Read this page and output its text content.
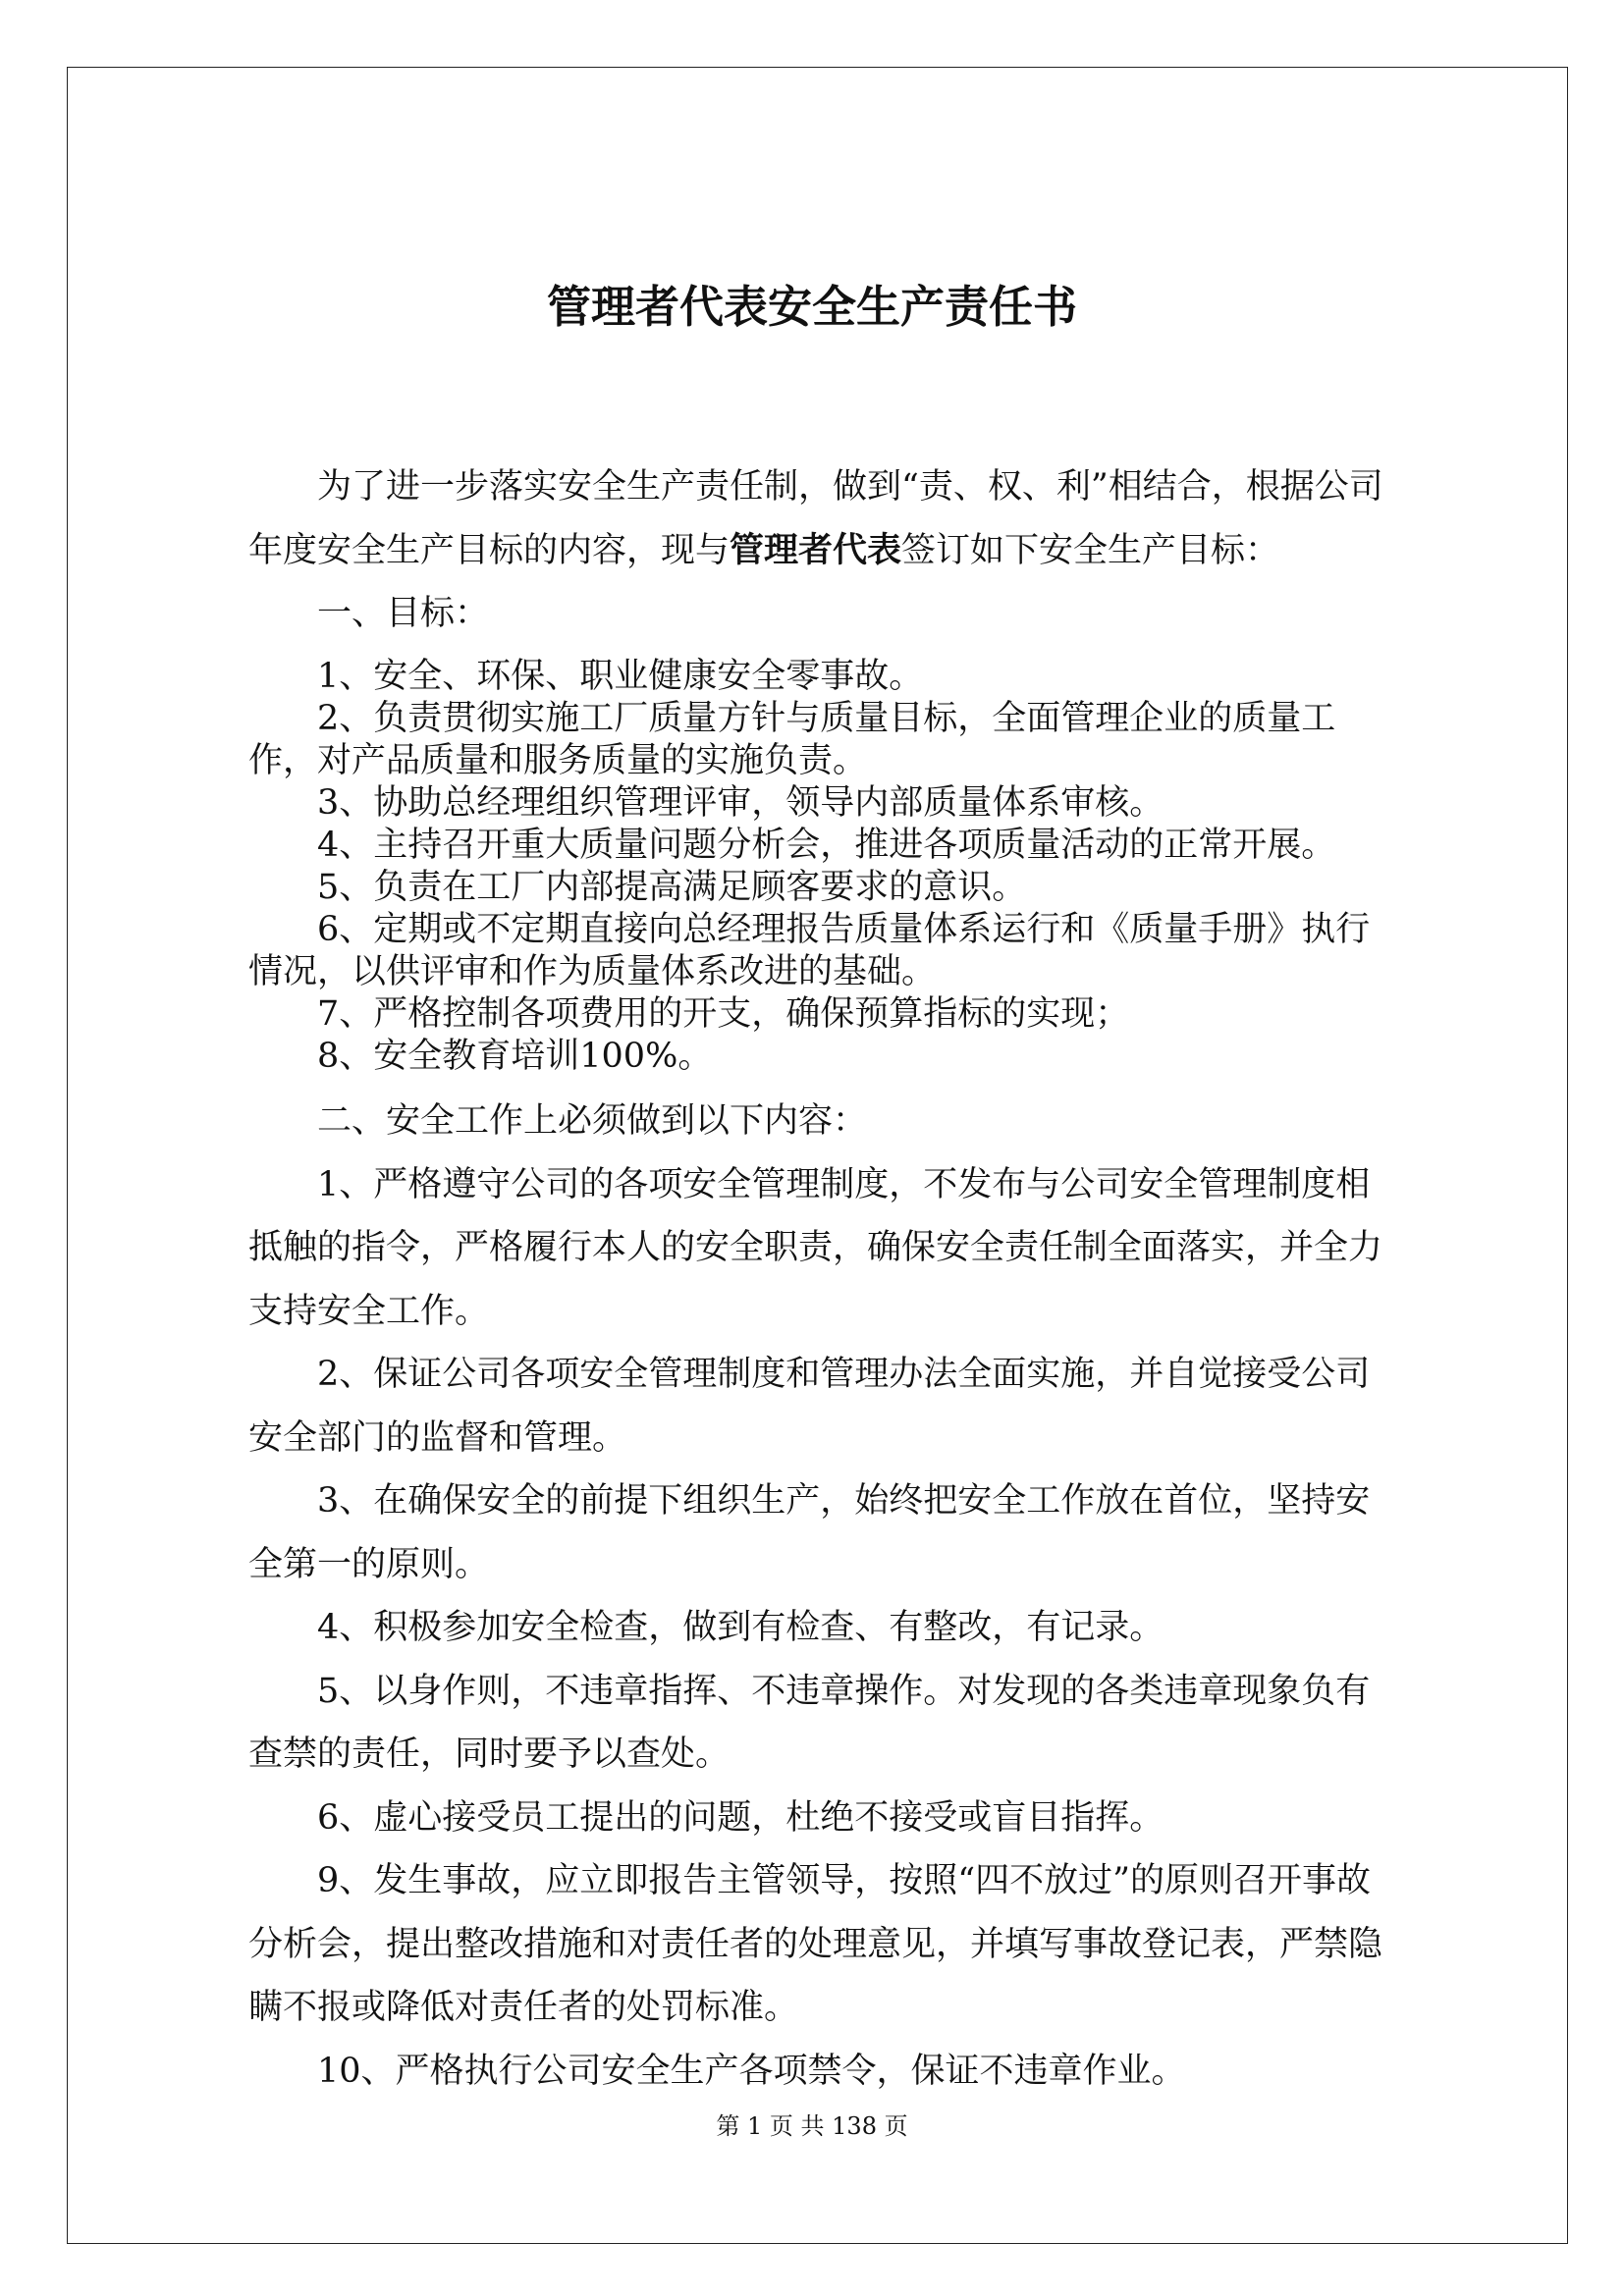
管理者代表安全生产责任书

为了进一步落实安全生产责任制，做到“责、权、利”相结合，根据公司年度安全生产目标的内容，现与管理者代表签订如下安全生产目标：

一、目标：

1、安全、环保、职业健康安全零事故。

2、负责贯彻实施工厂质量方针与质量目标，全面管理企业的质量工作，对产品质量和服务质量的实施负责。

3、协助总经理组织管理评审，领导内部质量体系审核。

4、主持召开重大质量问题分析会，推进各项质量活动的正常开展。

5、负责在工厂内部提高满足顾客要求的意识。

6、定期或不定期直接向总经理报告质量体系运行和《质量手册》执行情况，以供评审和作为质量体系改进的基础。

7、严格控制各项费用的开支，确保预算指标的实现；

8、安全教育培训100%。

二、安全工作上必须做到以下内容：

1、严格遵守公司的各项安全管理制度，不发布与公司安全管理制度相抵触的指令，严格履行本人的安全职责，确保安全责任制全面落实，并全力支持安全工作。

2、保证公司各项安全管理制度和管理办法全面实施，并自觉接受公司安全部门的监督和管理。

3、在确保安全的前提下组织生产，始终把安全工作放在首位，坚持安全第一的原则。

4、积极参加安全检查，做到有检查、有整改，有记录。

5、以身作则，不违章指挥、不违章操作。对发现的各类违章现象负有查禁的责任，同时要予以查处。

6、虚心接受员工提出的问题，杜绝不接受或盲目指挥。

9、发生事故，应立即报告主管领导，按照“四不放过”的原则召开事故分析会，提出整改措施和对责任者的处理意见，并填写事故登记表，严禁隐瞒不报或降低对责任者的处罚标准。

10、严格执行公司安全生产各项禁令，保证不违章作业。

第 1 页 共 138 页
